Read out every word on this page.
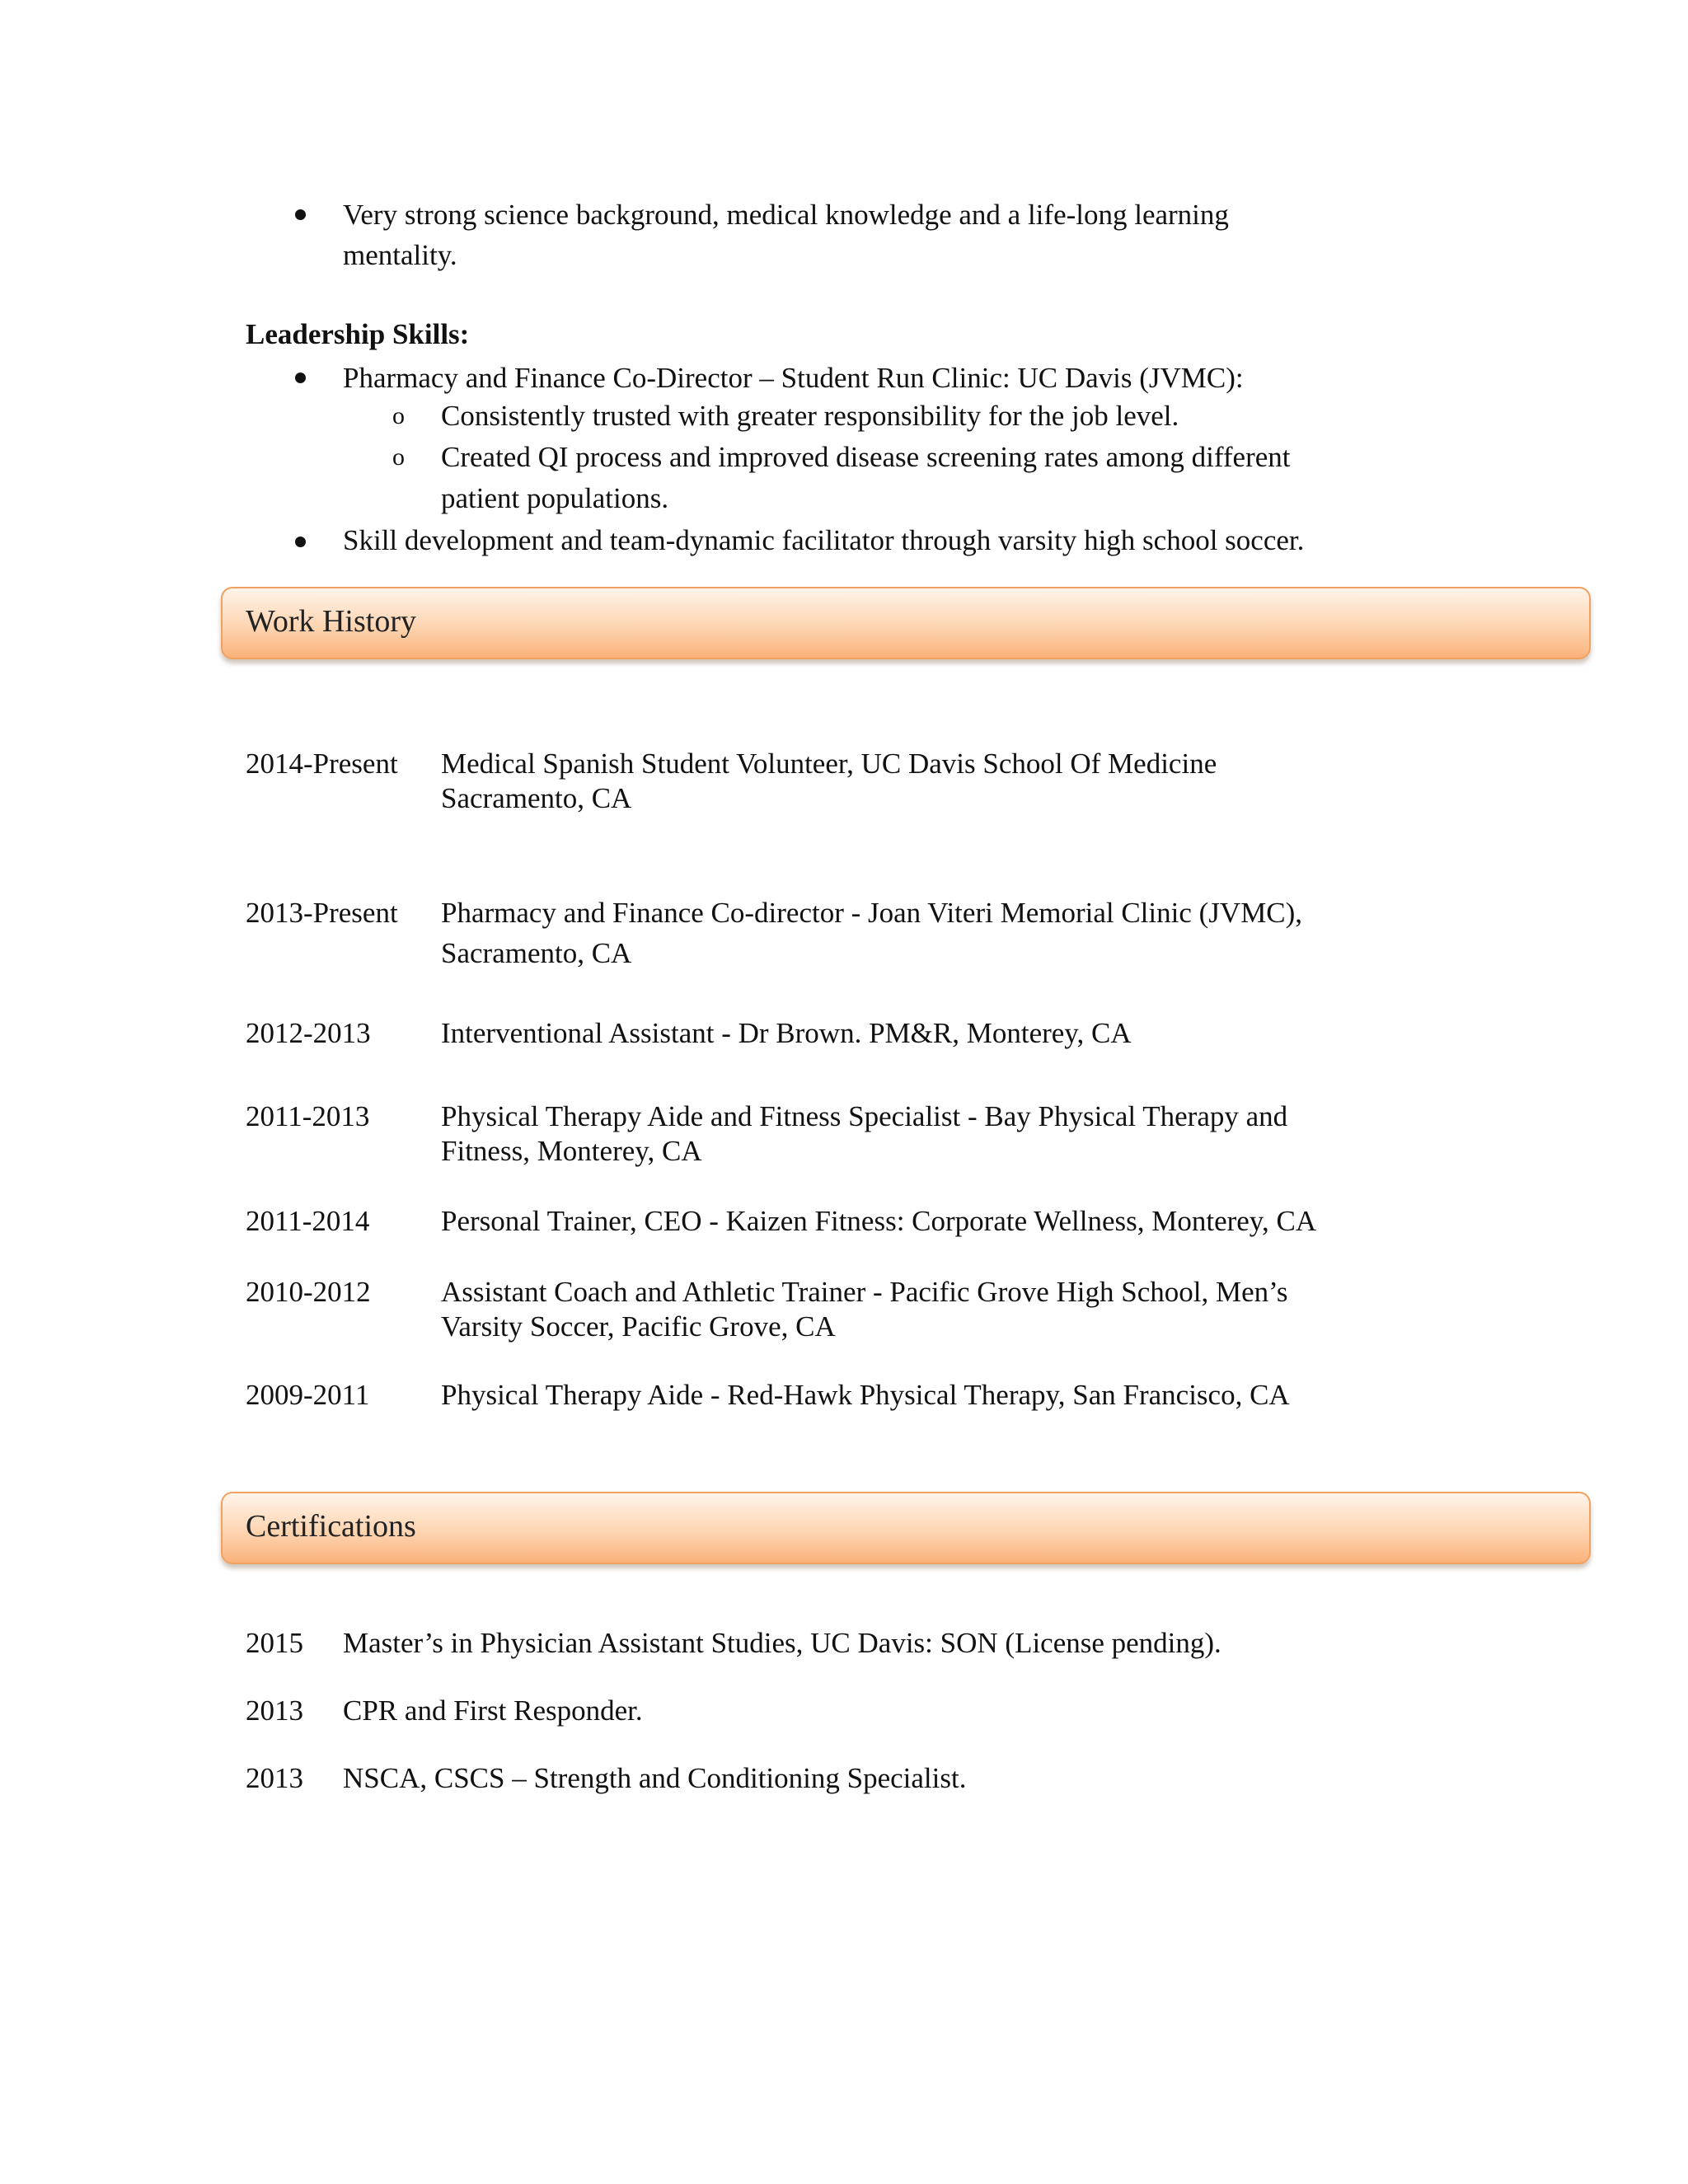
Very strong science background, medical knowledge and a life-long learning
mentality.
Leadership Skills:
Pharmacy and Finance Co-Director – Student Run Clinic: UC Davis (JVMC):
o Consistently trusted with greater responsibility for the job level.
o Created QI process and improved disease screening rates among different
patient populations.
Skill development and team-dynamic facilitator through varsity high school soccer.
Work History
2014-Present Medical Spanish Student Volunteer, UC Davis School Of Medicine
Sacramento, CA
2013-Present Pharmacy and Finance Co-director - Joan Viteri Memorial Clinic (JVMC),
Sacramento, CA
2012-2013 Interventional Assistant - Dr Brown. PM&R, Monterey, CA
2011-2013 Physical Therapy Aide and Fitness Specialist - Bay Physical Therapy and
Fitness, Monterey, CA
2011-2014 Personal Trainer, CEO - Kaizen Fitness: Corporate Wellness, Monterey, CA
2010-2012 Assistant Coach and Athletic Trainer - Pacific Grove High School, Men’s
Varsity Soccer, Pacific Grove, CA
2009-2011 Physical Therapy Aide - Red-Hawk Physical Therapy, San Francisco, CA
Certifications
2015 Master’s in Physician Assistant Studies, UC Davis: SON (License pending).
2013 CPR and First Responder.
2013 NSCA, CSCS – Strength and Conditioning Specialist.
